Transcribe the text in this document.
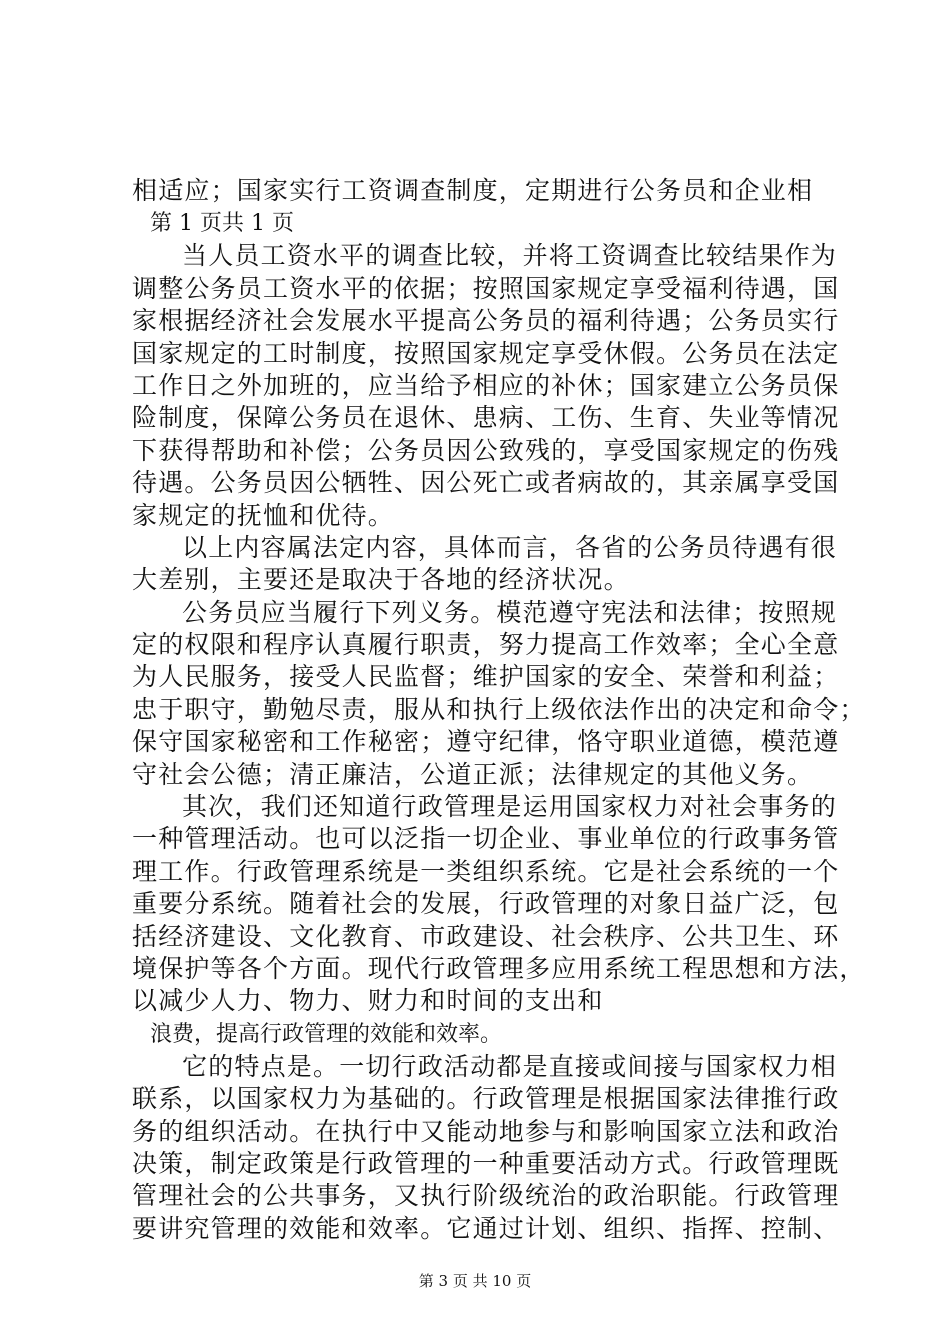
相适应；国家实行工资调查制度，定期进行公务员和企业相
第 1 页共 1 页
当人员工资水平的调查比较，并将工资调查比较结果作为
调整公务员工资水平的依据；按照国家规定享受福利待遇，国
家根据经济社会发展水平提高公务员的福利待遇；公务员实行
国家规定的工时制度，按照国家规定享受休假。公务员在法定
工作日之外加班的，应当给予相应的补休；国家建立公务员保
险制度，保障公务员在退休、患病、工伤、生育、失业等情况
下获得帮助和补偿；公务员因公致残的，享受国家规定的伤残
待遇。公务员因公牺牲、因公死亡或者病故的，其亲属享受国
家规定的抚恤和优待。
以上内容属法定内容，具体而言，各省的公务员待遇有很
大差别，主要还是取决于各地的经济状况。
公务员应当履行下列义务。模范遵守宪法和法律；按照规
定的权限和程序认真履行职责，努力提高工作效率；全心全意
为人民服务，接受人民监督；维护国家的安全、荣誉和利益；
忠于职守，勤勉尽责，服从和执行上级依法作出的决定和命令；
保守国家秘密和工作秘密；遵守纪律，恪守职业道德，模范遵
守社会公德；清正廉洁，公道正派；法律规定的其他义务。
其次，我们还知道行政管理是运用国家权力对社会事务的
一种管理活动。也可以泛指一切企业、事业单位的行政事务管
理工作。行政管理系统是一类组织系统。它是社会系统的一个
重要分系统。随着社会的发展，行政管理的对象日益广泛，包
括经济建设、文化教育、市政建设、社会秩序、公共卫生、环
境保护等各个方面。现代行政管理多应用系统工程思想和方法，
以减少人力、物力、财力和时间的支出和
浪费，提高行政管理的效能和效率。
它的特点是。一切行政活动都是直接或间接与国家权力相
联系，以国家权力为基础的。行政管理是根据国家法律推行政
务的组织活动。在执行中又能动地参与和影响国家立法和政治
决策，制定政策是行政管理的一种重要活动方式。行政管理既
管理社会的公共事务，又执行阶级统治的政治职能。行政管理
要讲究管理的效能和效率。它通过计划、组织、指挥、控制、
第 3 页 共 10 页
